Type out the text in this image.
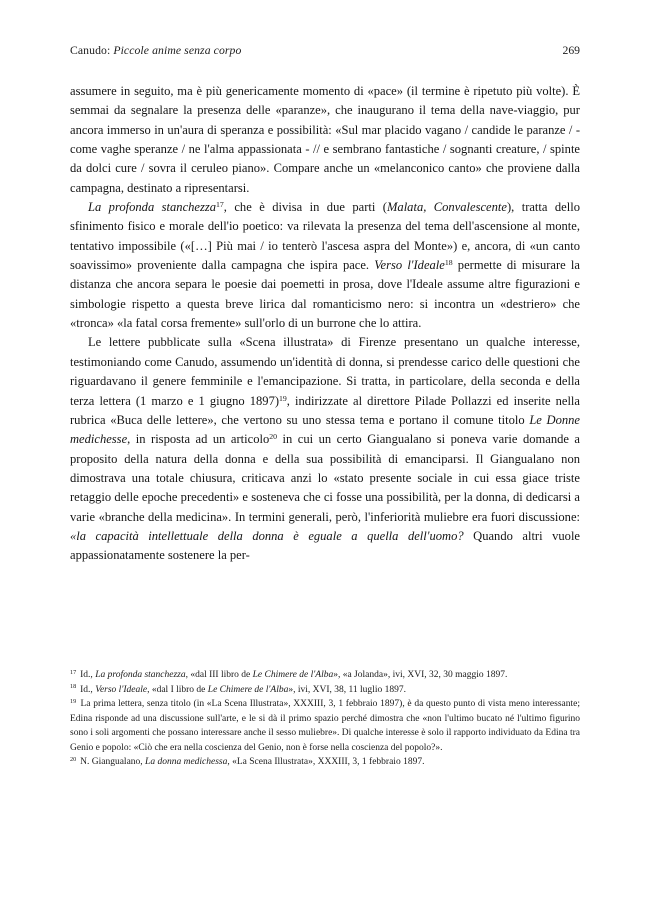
Canudo: Piccole anime senza corpo	269

assumere in seguito, ma è più genericamente momento di «pace» (il termine è ripetuto più volte). È semmai da segnalare la presenza delle «paranze», che inaugurano il tema della nave-viaggio, pur ancora immerso in un'aura di speranza e possibilità: «Sul mar placido vagano / candide le paranze / - come vaghe speranze / ne l'alma appassionata - // e sembrano fantastiche / sognanti creature, / spinte da dolci cure / sovra il ceruleo piano». Compare anche un «melanconico canto» che proviene dalla campagna, destinato a ripresentarsi.

La profonda stanchezza$^{17}$, che è divisa in due parti (Malata, Convalescente), tratta dello sfinimento fisico e morale dell'io poetico: va rilevata la presenza del tema dell'ascensione al monte, tentativo impossibile («[…] Più mai / io tenterò l'ascesa aspra del Monte») e, ancora, di «un canto soavissimo» proveniente dalla campagna che ispira pace. Verso l'Ideale$^{18}$ permette di misurare la distanza che ancora separa le poesie dai poemetti in prosa, dove l'Ideale assume altre figurazioni e simbologie rispetto a questa breve lirica dal romanticismo nero: si incontra un «destriero» che «tronca» «la fatal corsa fremente» sull'orlo di un burrone che lo attira.

Le lettere pubblicate sulla «Scena illustrata» di Firenze presentano un qualche interesse, testimoniando come Canudo, assumendo un'identità di donna, si prendesse carico delle questioni che riguardavano il genere femminile e l'emancipazione. Si tratta, in particolare, della seconda e della terza lettera (1 marzo e 1 giugno 1897)$^{19}$, indirizzate al direttore Pilade Pollazzi ed inserite nella rubrica «Buca delle lettere», che vertono su uno stessa tema e portano il comune titolo Le Donne medichesse, in risposta ad un articolo$^{20}$ in cui un certo Giangualano si poneva varie domande a proposito della natura della donna e della sua possibilità di emanciparsi. Il Giangualano non dimostrava una totale chiusura, criticava anzi lo «stato presente sociale in cui essa giace triste retaggio delle epoche precedenti» e sosteneva che ci fosse una possibilità, per la donna, di dedicarsi a varie «branche della medicina». In termini generali, però, l'inferiorità muliebre era fuori discussione: «la capacità intellettuale della donna è eguale a quella dell'uomo? Quando altri vuole appassionatamente sostenere la per-

$^{17}$ Id., La profonda stanchezza, «dal III libro de Le Chimere de l'Alba», «a Jolanda», ivi, XVI, 32, 30 maggio 1897.

$^{18}$ Id., Verso l'Ideale, «dal I libro de Le Chimere de l'Alba», ivi, XVI, 38, 11 luglio 1897.

$^{19}$ La prima lettera, senza titolo (in «La Scena Illustrata», XXXIII, 3, 1 febbraio 1897), è da questo punto di vista meno interessante; Edina risponde ad una discussione sull'arte, e le si dà il primo spazio perché dimostra che «non l'ultimo bucato né l'ultimo figurino sono i soli argomenti che possano interessare anche il sesso muliebre». Di qualche interesse è solo il rapporto individuato da Edina tra Genio e popolo: «Ciò che era nella coscienza del Genio, non è forse nella coscienza del popolo?».

$^{20}$ N. Giangualano, La donna medichessa, «La Scena Illustrata», XXXIII, 3, 1 febbraio 1897.
